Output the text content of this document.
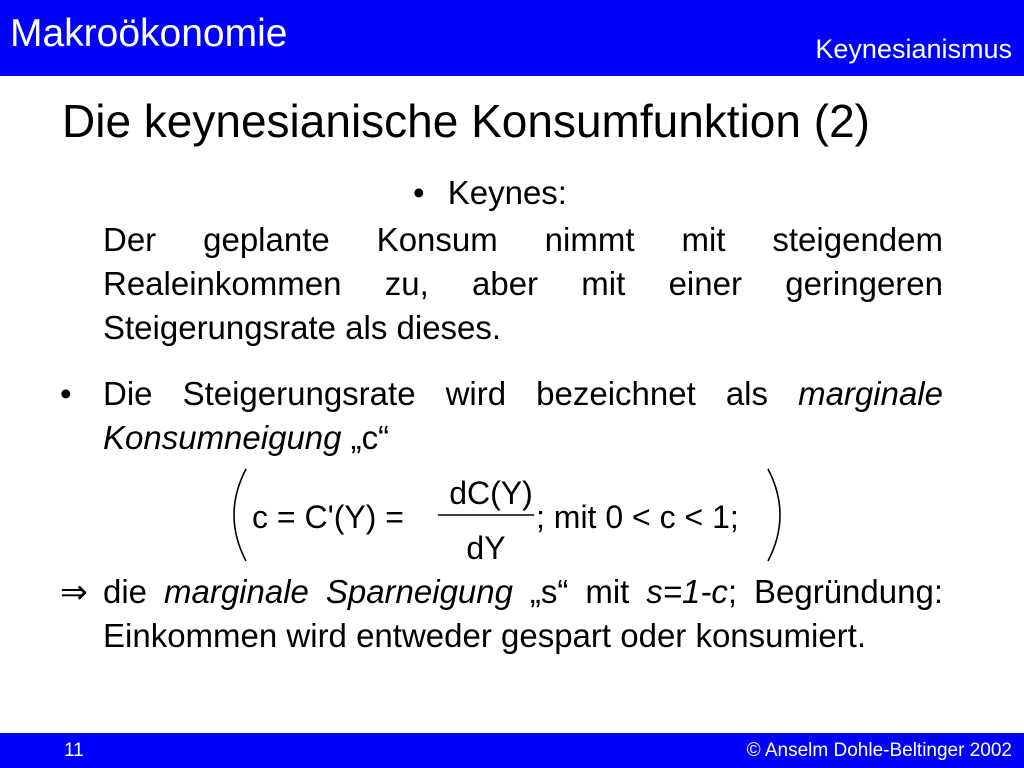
Makroökonomie	Keynesianismus
Die keynesianische Konsumfunktion (2)
• Keynes:
Der geplante Konsum nimmt mit steigendem Realeinkommen zu, aber mit einer geringeren Steigerungsrate als dieses.
• Die Steigerungsrate wird bezeichnet als marginale Konsumneigung „c“
c = C'(Y) =
dC(Y)
dY
; mit 0 < c < 1;
⇒ die marginale Sparneigung „s“ mit s=1-c; Begründung: Einkommen wird entweder gespart oder konsumiert.
11	© Anselm Dohle-Beltinger 2002
